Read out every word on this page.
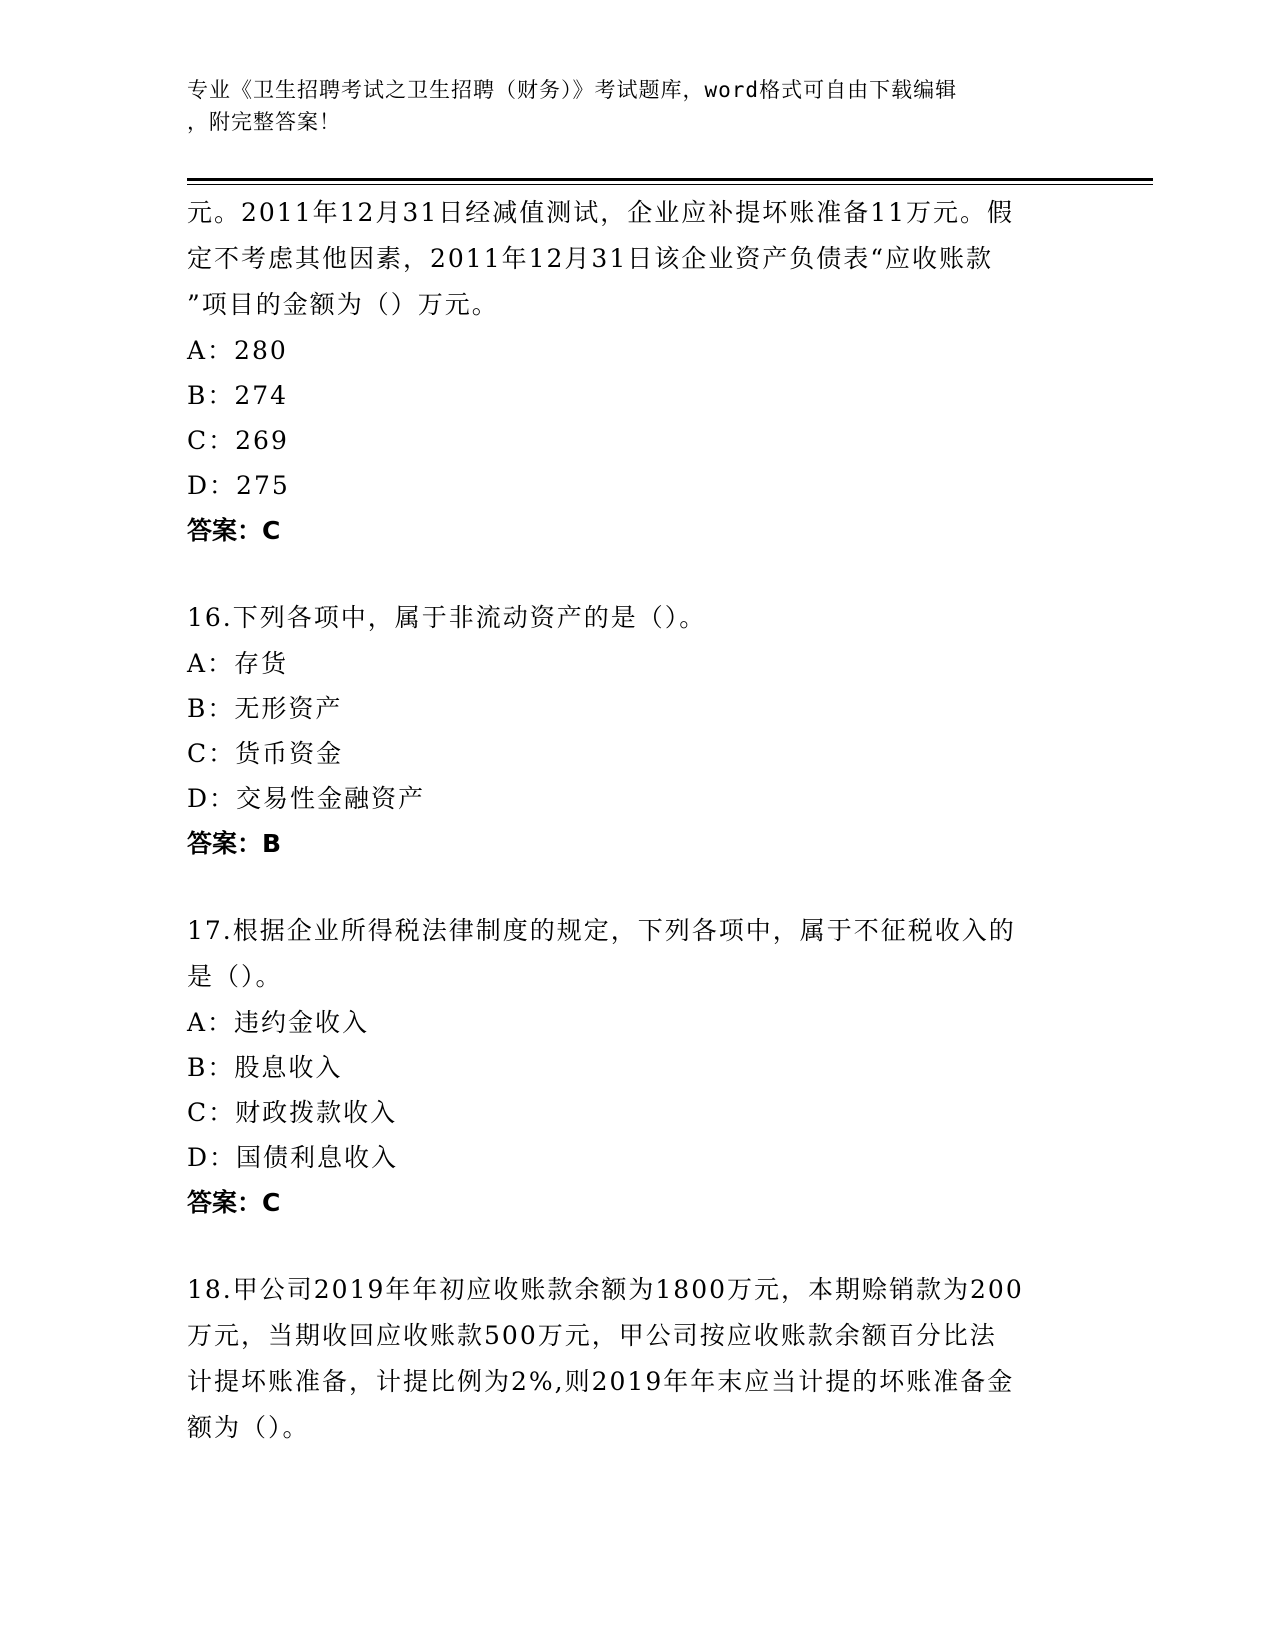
专业《卫生招聘考试之卫生招聘（财务）》考试题库，word格式可自由下载编辑
，附完整答案！

元。2011年12月31日经减值测试，企业应补提坏账准备11万元。假

定不考虑其他因素，2011年12月31日该企业资产负债表“应收账款

”项目的金额为（）万元。

A：280

B：274

C：269

D：275

答案：C

16.下列各项中，属于非流动资产的是（）。

A：存货

B：无形资产

C：货币资金

D：交易性金融资产

答案：B

17.根据企业所得税法律制度的规定，下列各项中，属于不征税收入的

是（）。

A：违约金收入

B：股息收入

C：财政拨款收入

D：国债利息收入

答案：C

18.甲公司2019年年初应收账款余额为1800万元，本期赊销款为200

万元，当期收回应收账款500万元，甲公司按应收账款余额百分比法

计提坏账准备，计提比例为2%,则2019年年末应当计提的坏账准备金

额为（）。
